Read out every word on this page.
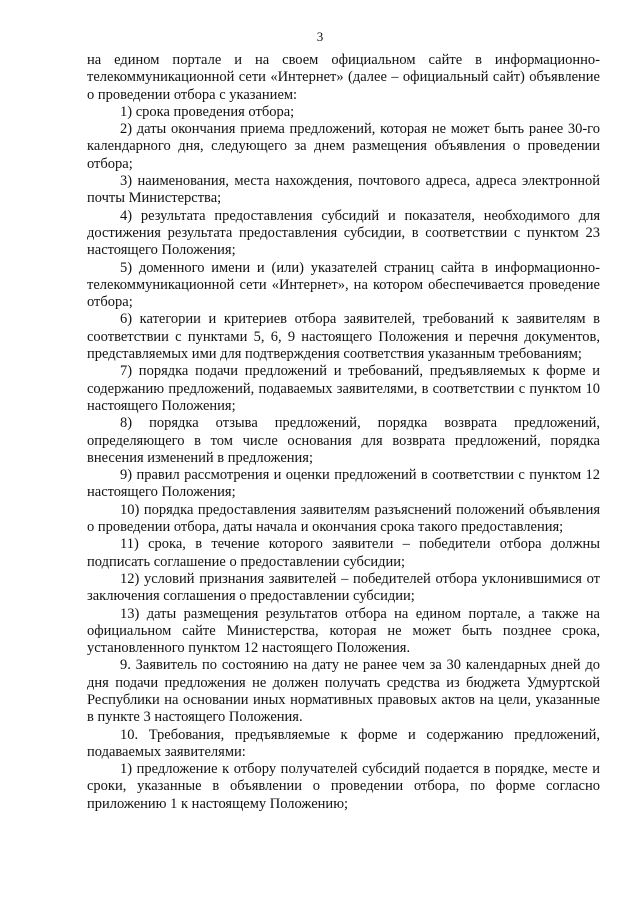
3

на едином портале и на своем официальном сайте в информационно-телекоммуникационной сети «Интернет» (далее – официальный сайт) объявление о проведении отбора с указанием:

1) срока проведения отбора;

2) даты окончания приема предложений, которая не может быть ранее 30-го календарного дня, следующего за днем размещения объявления о проведении отбора;

3) наименования, места нахождения, почтового адреса, адреса электронной почты Министерства;

4) результата предоставления субсидий и показателя, необходимого для достижения результата предоставления субсидии, в соответствии с пунктом 23 настоящего Положения;

5) доменного имени и (или) указателей страниц сайта в информационно-телекоммуникационной сети «Интернет», на котором обеспечивается проведение отбора;

6) категории и критериев отбора заявителей, требований к заявителям в соответствии с пунктами 5, 6, 9 настоящего Положения и перечня документов, представляемых ими для подтверждения соответствия указанным требованиям;

7) порядка подачи предложений и требований, предъявляемых к форме и содержанию предложений, подаваемых заявителями, в соответствии с пунктом 10 настоящего Положения;

8) порядка отзыва предложений, порядка возврата предложений, определяющего в том числе основания для возврата предложений, порядка внесения изменений в предложения;

9) правил рассмотрения и оценки предложений в соответствии с пунктом 12 настоящего Положения;

10) порядка предоставления заявителям разъяснений положений объявления о проведении отбора, даты начала и окончания срока такого предоставления;

11) срока, в течение которого заявители – победители отбора должны подписать соглашение о предоставлении субсидии;

12) условий признания заявителей – победителей отбора уклонившимися от заключения соглашения о предоставлении субсидии;

13) даты размещения результатов отбора на едином портале, а также на официальном сайте Министерства, которая не может быть позднее срока, установленного пунктом 12 настоящего Положения.

9. Заявитель по состоянию на дату не ранее чем за 30 календарных дней до дня подачи предложения не должен получать средства из бюджета Удмуртской Республики на основании иных нормативных правовых актов на цели, указанные в пункте 3 настоящего Положения.

10. Требования, предъявляемые к форме и содержанию предложений, подаваемых заявителями:

1) предложение к отбору получателей субсидий подается в порядке, месте и сроки, указанные в объявлении о проведении отбора, по форме согласно приложению 1 к настоящему Положению;
